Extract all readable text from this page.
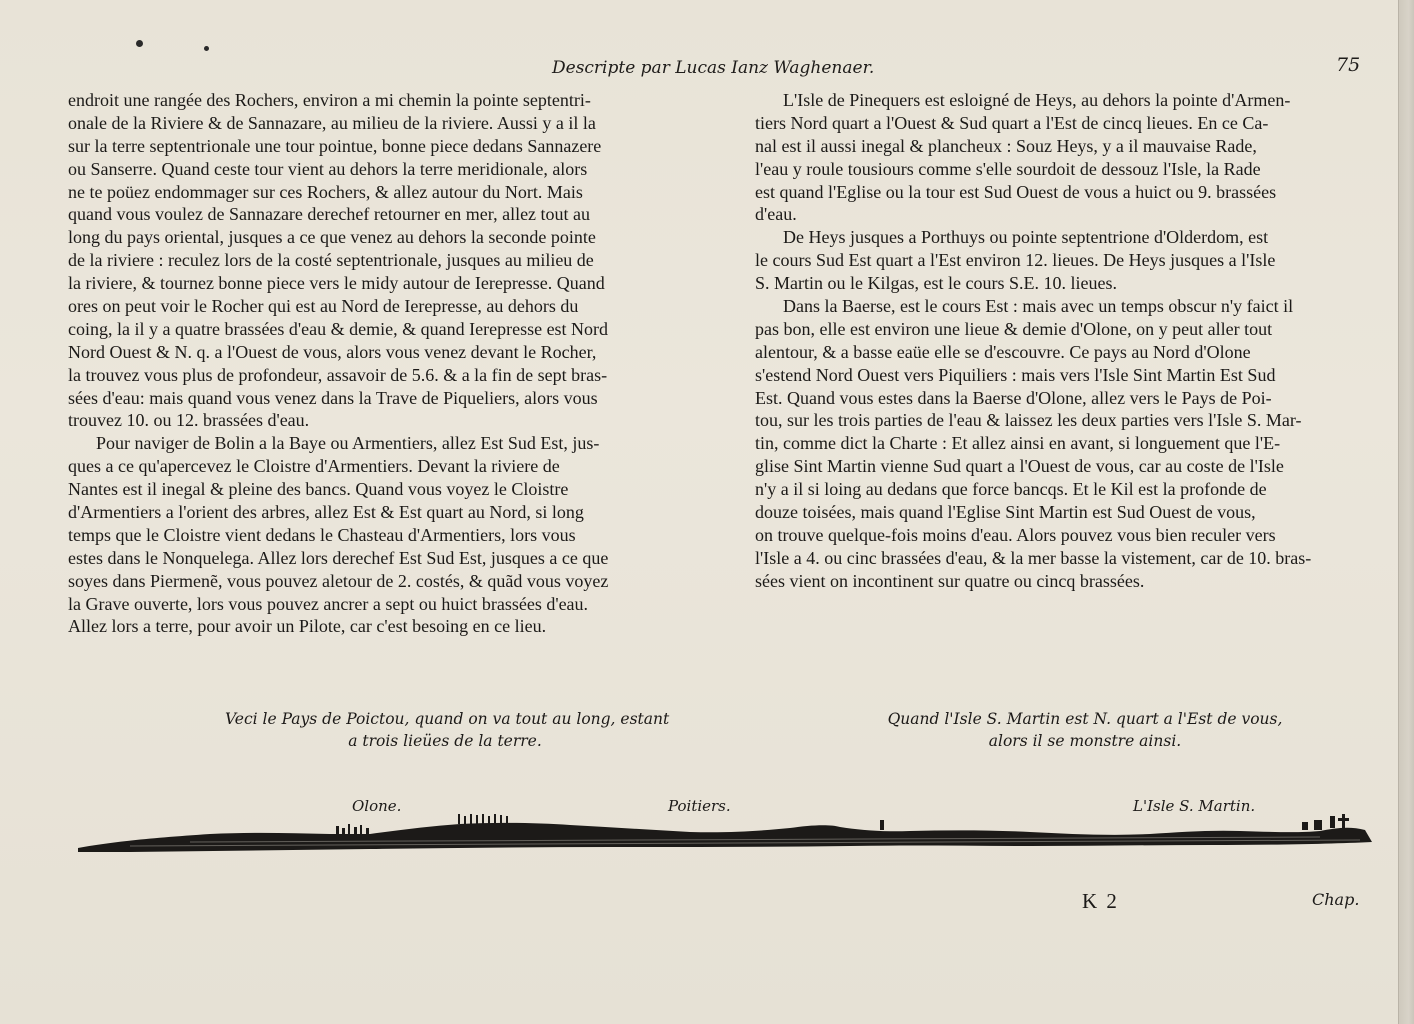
Descripte par Lucas Ianz Waghenaer.	75
endroit une rangée des Rochers, environ a mi chemin la pointe septentri-
onale de la Riviere & de Sannazare, au milieu de la riviere. Aussi y a il la
sur la terre septentrionale une tour pointue, bonne piece dedans Sannazere
ou Sanserre. Quand ceste tour vient au dehors la terre meridionale, alors
ne te poüez endommager sur ces Rochers, & allez autour du Nort. Mais
quand vous voulez de Sannazare derechef retourner en mer, allez tout au
long du pays oriental, jusques a ce que venez au dehors la seconde pointe
de la riviere : reculez lors de la costé septentrionale, jusques au milieu de
la riviere, & tournez bonne piece vers le midy autour de Ierepresse. Quand
ores on peut voir le Rocher qui est au Nord de Ierepresse, au dehors du
coing, la il y a quatre brassées d'eau & demie, & quand Ierepresse est Nord
Nord Ouest & N. q. a l'Ouest de vous, alors vous venez devant le Rocher,
la trouvez vous plus de profondeur, assavoir de 5.6. & a la fin de sept bras-
sées d'eau: mais quand vous venez dans la Trave de Piqueliers, alors vous
trouvez 10. ou 12. brassées d'eau.
Pour naviger de Bolin a la Baye ou Armentiers, allez Est Sud Est, jus-
ques a ce qu'apercevez le Cloistre d'Armentiers. Devant la riviere de
Nantes est il inegal & pleine des bancs. Quand vous voyez le Cloistre
d'Armentiers a l'orient des arbres, allez Est & Est quart au Nord, si long
temps que le Cloistre vient dedans le Chasteau d'Armentiers, lors vous
estes dans le Nonquelega. Allez lors derechef Est Sud Est, jusques a ce que
soyes dans Piermenẽ, vous pouvez aletour de 2. costés, & quãd vous voyez
la Grave ouverte, lors vous pouvez ancrer a sept ou huict brassées d'eau.
Allez lors a terre, pour avoir un Pilote, car c'est besoing en ce lieu.
L'Isle de Pinequers est esloigné de Heys, au dehors la pointe d'Armen-
tiers Nord quart a l'Ouest & Sud quart a l'Est de cincq lieues. En ce Ca-
nal est il aussi inegal & plancheux : Souz Heys, y a il mauvaise Rade,
l'eau y roule tousiours comme s'elle sourdoit de dessouz l'Isle, la Rade
est quand l'Eglise ou la tour est Sud Ouest de vous a huict ou 9. brassées
d'eau.
De Heys jusques a Porthuys ou pointe septentrione d'Olderdom, est
le cours Sud Est quart a l'Est environ 12. lieues. De Heys jusques a l'Isle
S. Martin ou le Kilgas, est le cours S.E. 10. lieues.
Dans la Baerse, est le cours Est : mais avec un temps obscur n'y faict il
pas bon, elle est environ une lieue & demie d'Olone, on y peut aller tout
alentour, & a basse eaüe elle se d'escouvre. Ce pays au Nord d'Olone
s'estend Nord Ouest vers Piquiliers : mais vers l'Isle Sint Martin Est Sud
Est. Quand vous estes dans la Baerse d'Olone, allez vers le Pays de Poi-
tou, sur les trois parties de l'eau & laissez les deux parties vers l'Isle S. Mar-
tin, comme dict la Charte : Et allez ainsi en avant, si longuement que l'E-
glise Sint Martin vienne Sud quart a l'Ouest de vous, car au coste de l'Isle
n'y a il si loing au dedans que force bancqs. Et le Kil est la profonde de
douze toisées, mais quand l'Eglise Sint Martin est Sud Ouest de vous,
on trouve quelque-fois moins d'eau. Alors pouvez vous bien reculer vers
l'Isle a 4. ou cinc brassées d'eau, & la mer basse la vistement, car de 10. bras-
sées vient on incontinent sur quatre ou cincq brassées.
Veci le Pays de Poictou, quand on va tout au long, estant
a trois lieües de la terre.
Quand l'Isle S. Martin est N. quart a l'Est de vous,
alors il se monstre ainsi.
Olone.	Poitiers.	L'Isle S. Martin.
K 2	Chap.
